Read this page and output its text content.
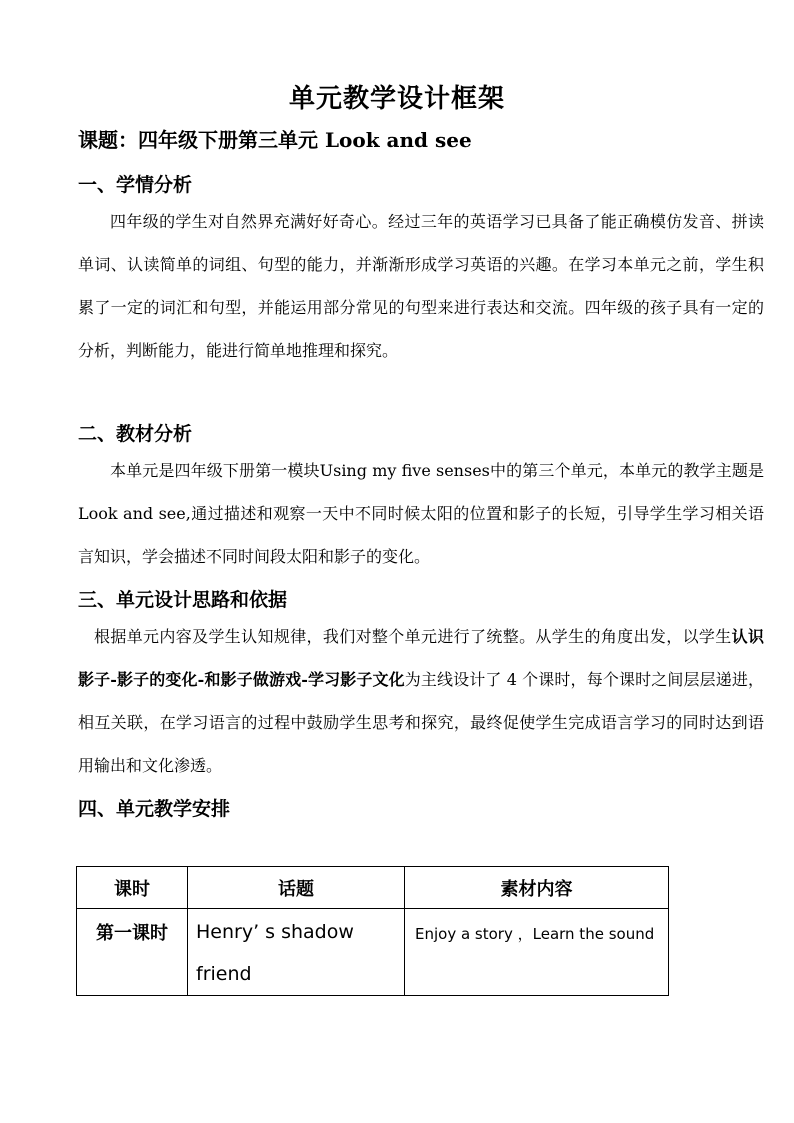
单元教学设计框架
课题：四年级下册第三单元 Look and see
一、学情分析

四年级的学生对自然界充满好好奇心。经过三年的英语学习已具备了能正确模仿发音、拼读单词、认读简单的词组、句型的能力，并渐渐形成学习英语的兴趣。在学习本单元之前，学生积累了一定的词汇和句型，并能运用部分常见的句型来进行表达和交流。四年级的孩子具有一定的分析，判断能力，能进行简单地推理和探究。

二、教材分析

本单元是四年级下册第一模块Using my five senses中的第三个单元，本单元的教学主题是Look and see,通过描述和观察一天中不同时候太阳的位置和影子的长短，引导学生学习相关语言知识，学会描述不同时间段太阳和影子的变化。

三、单元设计思路和依据

根据单元内容及学生认知规律，我们对整个单元进行了统整。从学生的角度出发，以学生认识影子-影子的变化-和影子做游戏-学习影子文化为主线设计了 4 个课时，每个课时之间层层递进，相互关联，在学习语言的过程中鼓励学生思考和探究，最终促使学生完成语言学习的同时达到语用输出和文化渗透。

四、单元教学安排
课时	话题	素材内容
第一课时	Henry’ s shadow friend	Enjoy a story ，Learn the sound
